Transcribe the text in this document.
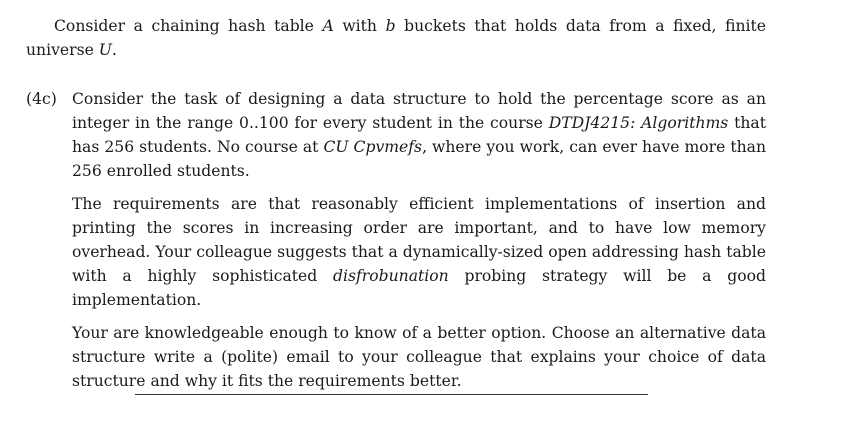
Consider a chaining hash table A with b buckets that holds data from a fixed, finite universe U.

(4c) Consider the task of designing a data structure to hold the percentage score as an integer in the range 0..100 for every student in the course DTDJ4215: Algorithms that has 256 students. No course at CU Cpvmefs, where you work, can ever have more than 256 enrolled students.

The requirements are that reasonably efficient implementations of insertion and printing the scores in increasing order are important, and to have low memory overhead. Your colleague suggests that a dynamically-sized open addressing hash table with a highly sophisticated disfrobunation probing strategy will be a good implementation.

Your are knowledgeable enough to know of a better option. Choose an alternative data structure write a (polite) email to your colleague that explains your choice of data structure and why it fits the requirements better.
